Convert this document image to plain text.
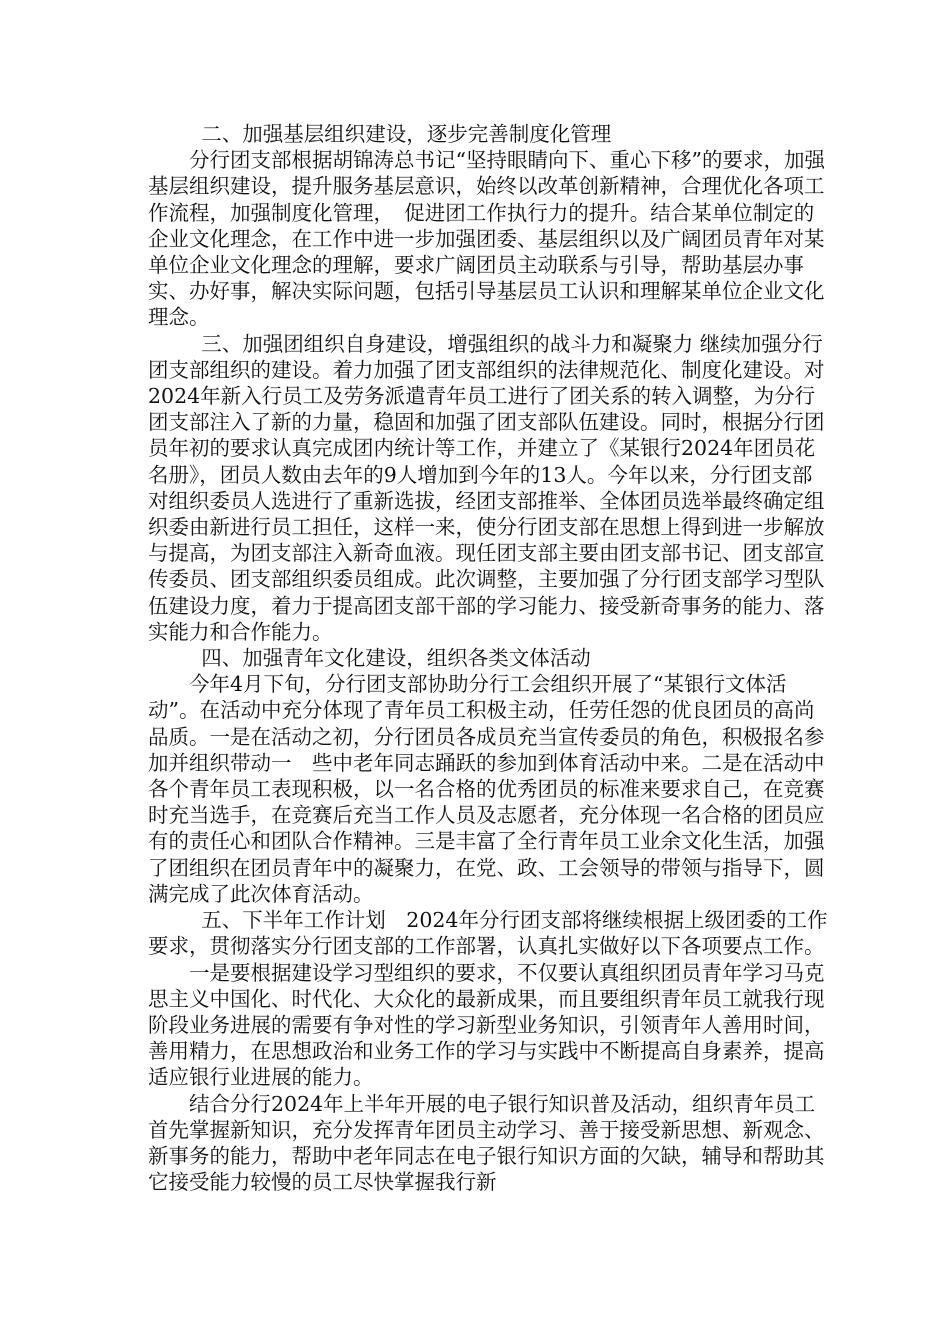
二、加强基层组织建设，逐步完善制度化管理

分行团支部根据胡锦涛总书记“坚持眼睛向下、重心下移”的要求，加强基层组织建设，提升服务基层意识，始终以改革创新精神，合理优化各项工作流程，加强制度化管理，　促进团工作执行力的提升。结合某单位制定的企业文化理念，在工作中进一步加强团委、基层组织以及广阔团员青年对某单位企业文化理念的理解，要求广阔团员主动联系与引导，帮助基层办事实、办好事，解决实际问题，包括引导基层员工认识和理解某单位企业文化理念。

三、加强团组织自身建设，增强组织的战斗力和凝聚力 继续加强分行团支部组织的建设。着力加强了团支部组织的法律规范化、制度化建设。对2024年新入行员工及劳务派遣青年员工进行了团关系的转入调整，为分行团支部注入了新的力量，稳固和加强了团支部队伍建设。同时，根据分行团员年初的要求认真完成团内统计等工作，并建立了《某银行2024年团员花名册》，团员人数由去年的9人增加到今年的13人。今年以来，分行团支部对组织委员人选进行了重新选拔，经团支部推举、全体团员选举最终确定组织委由新进行员工担任，这样一来，使分行团支部在思想上得到进一步解放与提高，为团支部注入新奇血液。现任团支部主要由团支部书记、团支部宣传委员、团支部组织委员组成。此次调整，主要加强了分行团支部学习型队伍建设力度，着力于提高团支部干部的学习能力、接受新奇事务的能力、落实能力和合作能力。

四、加强青年文化建设，组织各类文体活动

今年4月下旬，分行团支部协助分行工会组织开展了“某银行文体活动”。在活动中充分体现了青年员工积极主动，任劳任怨的优良团员的高尚品质。一是在活动之初，分行团员各成员充当宣传委员的角色，积极报名参加并组织带动一　些中老年同志踊跃的参加到体育活动中来。二是在活动中各个青年员工表现积极，以一名合格的优秀团员的标准来要求自己，在竞赛时充当选手，在竞赛后充当工作人员及志愿者，充分体现一名合格的团员应有的责任心和团队合作精神。三是丰富了全行青年员工业余文化生活，加强了团组织在团员青年中的凝聚力，在党、政、工会领导的带领与指导下，圆满完成了此次体育活动。

五、下半年工作计划　2024年分行团支部将继续根据上级团委的工作要求，贯彻落实分行团支部的工作部署，认真扎实做好以下各项要点工作。

一是要根据建设学习型组织的要求，不仅要认真组织团员青年学习马克思主义中国化、时代化、大众化的最新成果，而且要组织青年员工就我行现阶段业务进展的需要有争对性的学习新型业务知识，引领青年人善用时间，善用精力，在思想政治和业务工作的学习与实践中不断提高自身素养，提高适应银行业进展的能力。

结合分行2024年上半年开展的电子银行知识普及活动，组织青年员工首先掌握新知识，充分发挥青年团员主动学习、善于接受新思想、新观念、新事务的能力，帮助中老年同志在电子银行知识方面的欠缺，辅导和帮助其它接受能力较慢的员工尽快掌握我行新
